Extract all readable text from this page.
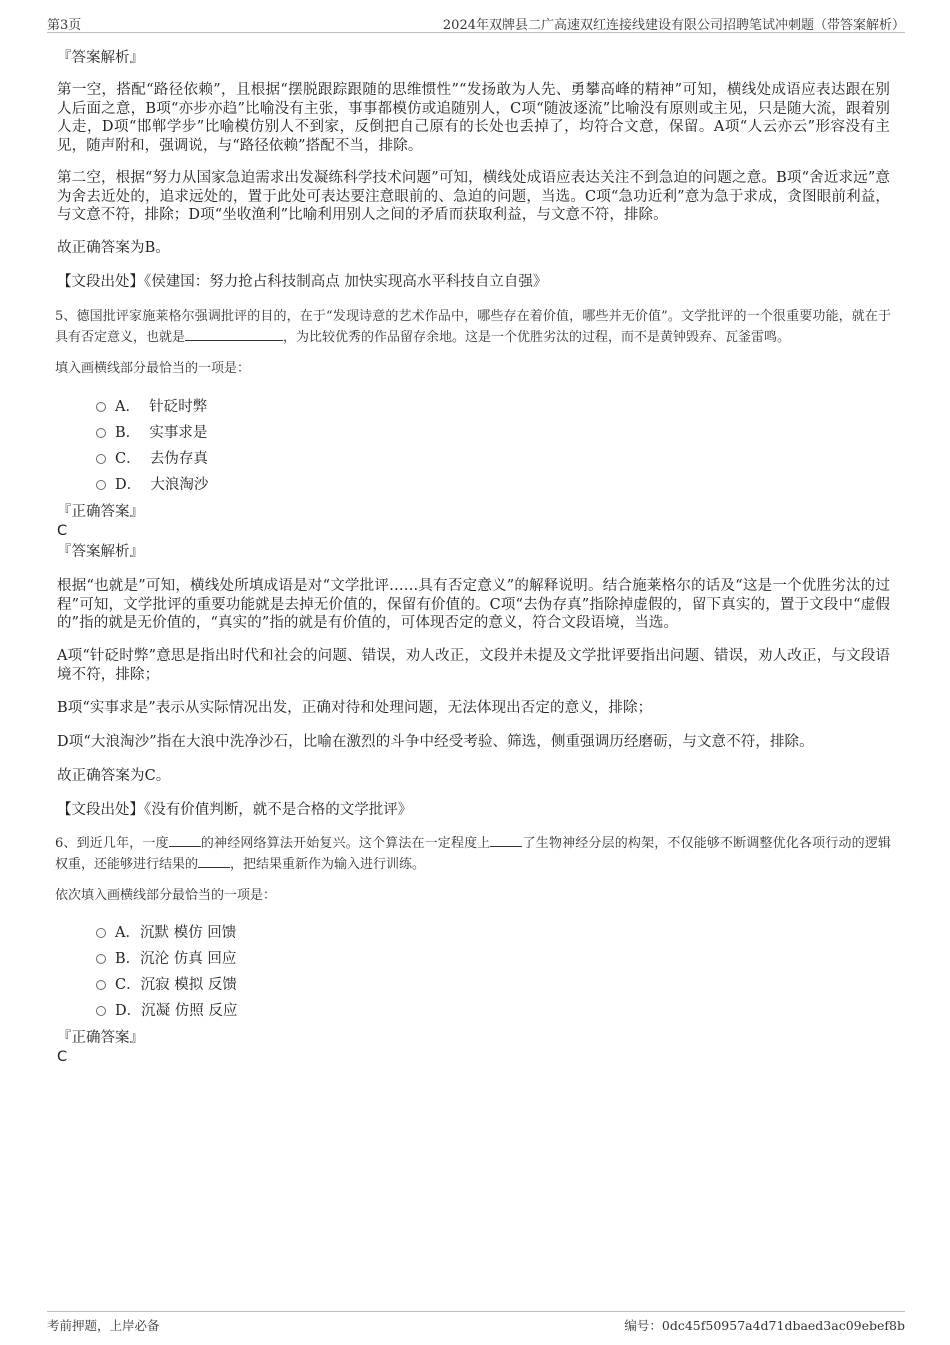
第3页	2024年双牌县二广高速双红连接线建设有限公司招聘笔试冲刺题（带答案解析）
『答案解析』
第一空，搭配“路径依赖”，且根据“摆脱跟踪跟随的思维惯性”“发扬敢为人先、勇攀高峰的精神”可知，横线处成语应表达跟在别人后面之意，B项“亦步亦趋”比喻没有主张，事事都模仿或追随别人，C项“随波逐流”比喻没有原则或主见，只是随大流，跟着别人走，D项“邯郸学步”比喻模仿别人不到家，反倒把自己原有的长处也丢掉了，均符合文意，保留。A项“人云亦云”形容没有主见，随声附和，强调说，与“路径依赖”搭配不当，排除。
第二空，根据“努力从国家急迫需求出发凝练科学技术问题”可知，横线处成语应表达关注不到急迫的问题之意。B项“舍近求远”意为舍去近处的，追求远处的，置于此处可表达要注意眼前的、急迫的问题，当选。C项“急功近利”意为急于求成，贪图眼前利益，与文意不符，排除；D项“坐收渔利”比喻利用别人之间的矛盾而获取利益，与文意不符，排除。
故正确答案为B。
【文段出处】《侯建国：努力抢占科技制高点 加快实现高水平科技自立自强》
5、德国批评家施莱格尔强调批评的目的，在于“发现诗意的艺术作品中，哪些存在着价值，哪些并无价值”。文学批评的一个很重要功能，就在于具有否定意义，也就是	，为比较优秀的作品留存余地。这是一个优胜劣汰的过程，而不是黄钟毁弃、瓦釜雷鸣。
填入画横线部分最恰当的一项是：
A． 针砭时弊
B． 实事求是
C． 去伪存真
D． 大浪淘沙
『正确答案』
C
『答案解析』
根据“也就是”可知，横线处所填成语是对“文学批评……具有否定意义”的解释说明。结合施莱格尔的话及“这是一个优胜劣汰的过程”可知，文学批评的重要功能就是去掉无价值的，保留有价值的。C项“去伪存真”指除掉虚假的，留下真实的，置于文段中“虚假的”指的就是无价值的，“真实的”指的就是有价值的，可体现否定的意义，符合文段语境，当选。
A项“针砭时弊”意思是指出时代和社会的问题、错误，劝人改正，文段并未提及文学批评要指出问题、错误，劝人改正，与文段语境不符，排除；
B项“实事求是”表示从实际情况出发，正确对待和处理问题，无法体现出否定的意义，排除；
D项“大浪淘沙”指在大浪中洗净沙石，比喻在激烈的斗争中经受考验、筛选，侧重强调历经磨砺，与文意不符，排除。
故正确答案为C。
【文段出处】《没有价值判断，就不是合格的文学批评》
6、到近几年，一度 的神经网络算法开始复兴。这个算法在一定程度上 了生物神经分层的构架，不仅能够不断调整优化各项行动的逻辑权重，还能够进行结果的 ，把结果重新作为输入进行训练。
依次填入画横线部分最恰当的一项是：
A．沉默 模仿 回馈
B．沉沦 仿真 回应
C．沉寂 模拟 反馈
D．沉凝 仿照 反应
『正确答案』
C
考前押题，上岸必备	编号：0dc45f50957a4d71dbaed3ac09ebef8b
